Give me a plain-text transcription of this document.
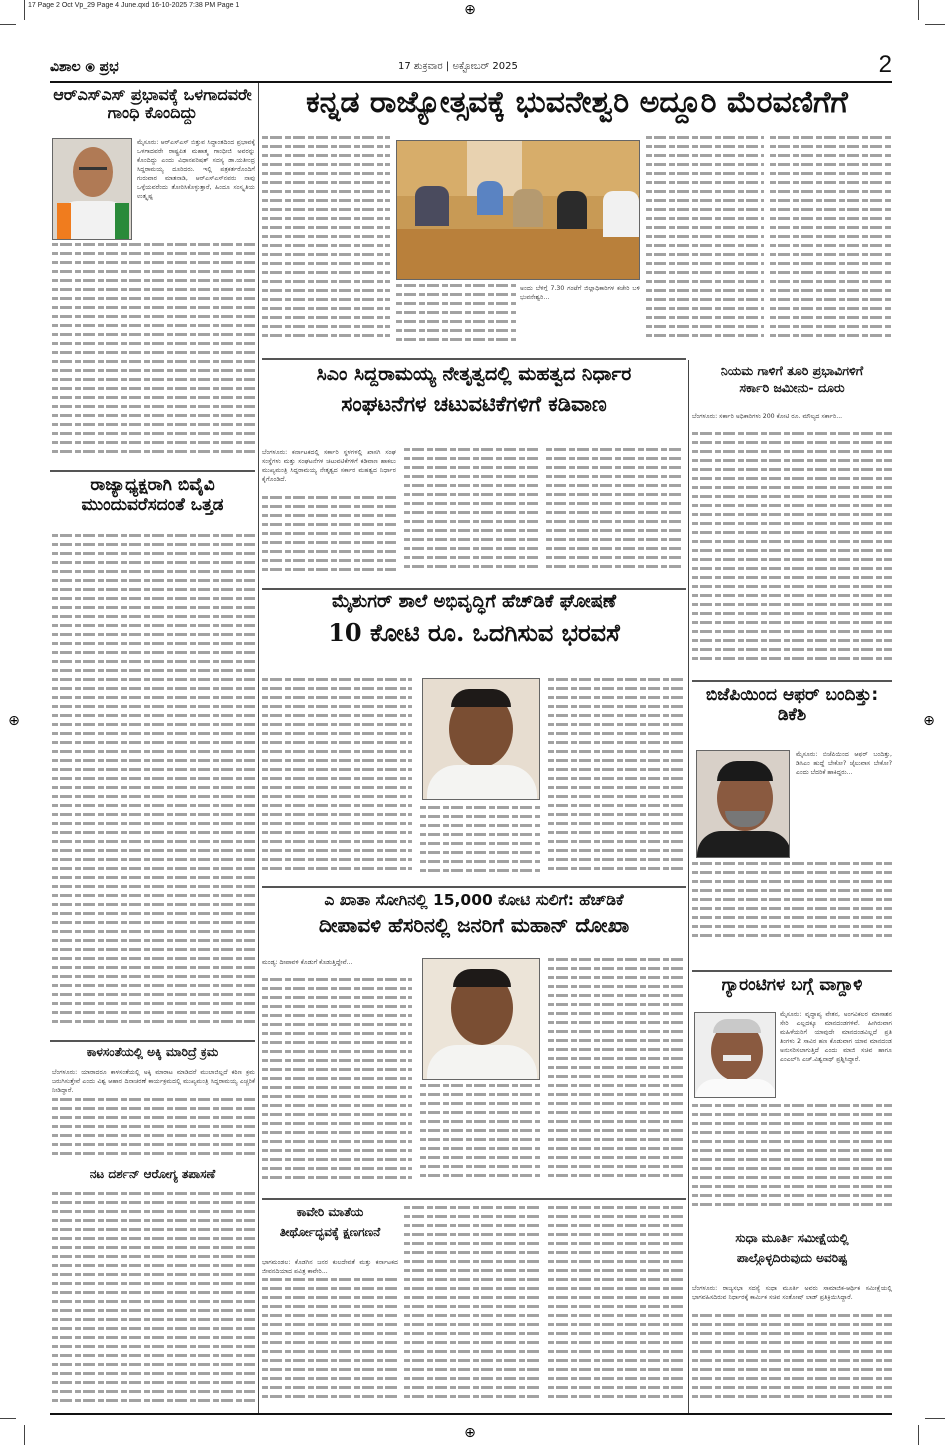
17 Page 2 Oct Vp_29 Page 4 June.qxd 16-10-2025 7:38 PM Page 1	⊕
⊕
⊕
⊕
ವಿಶಾಲ ⦿ ಪ್ರಭ	17 ಶುಕ್ರವಾರ | ಅಕ್ಟೋಬರ್ 2025	2
ಆರ್‌ಎಸ್‌ಎಸ್ ಪ್ರಭಾವಕ್ಕೆ ಒಳಗಾದವರೇ ಗಾಂಧಿ ಕೊಂದಿದ್ದು
ಮೈಸೂರು: ಆರ್‌ಎಸ್‌ಎಸ್ ಬಿತ್ತುವ ಸಿದ್ಧಾಂತದಿಂದ ಪ್ರಭಾವಕ್ಕೆ ಒಳಗಾದವರೇ ರಾಷ್ಟ್ರಪಿತ ಮಹಾತ್ಮ ಗಾಂಧೀಜಿ ಅವರನ್ನು ಕೊಂದಿದ್ದು ಎಂದು ವಿಧಾನಪರಿಷತ್ ಸದಸ್ಯ ಡಾ.ಯತೀಂದ್ರ ಸಿದ್ದರಾಮಯ್ಯ ದೂರಿದರು. ಇಲ್ಲಿ ಪತ್ರಕರ್ತರೊಂದಿಗೆ ಗುರುವಾರ ಮಾತನಾಡಿ, ಆರ್‌ಎಸ್‌ಎಸ್‌ನವರು ನಾವು ಒಳ್ಳೆಯವರೆಂದು ತೋರಿಸಿಕೊಳ್ಳುತ್ತಾರೆ, ಹಿಂದೂ ಸಂಸ್ಕೃತಿಯ ಉತ್ಕೃಷ್ಟ
ರಾಜ್ಯಾಧ್ಯಕ್ಷರಾಗಿ ಬಿವೈವಿ ಮುಂದುವರೆಸದಂತೆ ಒತ್ತಡ
ಕಾಳಸಂತೆಯಲ್ಲಿ ಅಕ್ಕಿ ಮಾರಿದ್ರೆ ಕ್ರಮ
ಬೆಂಗಳೂರು: ಯಾರಾದರೂ ಕಾಳಸಂತೆಯಲ್ಲಿ ಅಕ್ಕಿ ಮಾರಾಟ ಮಾಡಿದರೆ ಮುಲಾಜಿಲ್ಲದೆ ಕಠಿಣ ಕ್ರಮ ಜರುಗಿಸುತ್ತೇವೆ ಎಂದು ವಿಶ್ವ ಆಹಾರ ದಿನಾಚರಣೆ ಕಾರ್ಯಕ್ರಮದಲ್ಲಿ ಮುಖ್ಯಮಂತ್ರಿ ಸಿದ್ದರಾಮಯ್ಯ ಎಚ್ಚರಿಕೆ ನೀಡಿದ್ದಾರೆ.
ನಟ ದರ್ಶನ್ ಆರೋಗ್ಯ ತಪಾಸಣೆ
ಕನ್ನಡ ರಾಜ್ಯೋತ್ಸವಕ್ಕೆ ಭುವನೇಶ್ವರಿ ಅದ್ದೂರಿ ಮೆರವಣಿಗೆಗೆ
ಅಂದು ಬೆಳಿಗ್ಗೆ 7.30 ಗಂಟೆಗೆ ಜಿಲ್ಲಾಧಿಕಾರಿಗಳ ಕಚೇರಿ ಬಳಿ ಭುವನೇಶ್ವರಿ...
ಸಿಎಂ ಸಿದ್ದರಾಮಯ್ಯ ನೇತೃತ್ವದಲ್ಲಿ ಮಹತ್ವದ ನಿರ್ಧಾರ
ಸಂಘಟನೆಗಳ ಚಟುವಟಿಕೆಗಳಿಗೆ ಕಡಿವಾಣ
ಬೆಂಗಳೂರು: ಕರ್ನಾಟಕದಲ್ಲಿ ಸರ್ಕಾರಿ ಸ್ಥಳಗಳಲ್ಲಿ ಖಾಸಗಿ ಸಂಘ ಸಂಸ್ಥೆಗಳು ಮತ್ತು ಸಂಘಟನೆಗಳ ಚಟುವಟಿಕೆಗಳಿಗೆ ಕಡಿವಾಣ ಹಾಕಲು ಮುಖ್ಯಮಂತ್ರಿ ಸಿದ್ದರಾಮಯ್ಯ ನೇತೃತ್ವದ ಸರ್ಕಾರ ಮಹತ್ವದ ನಿರ್ಧಾರ ಕೈಗೊಂಡಿದೆ.
ನಿಯಮ ಗಾಳಿಗೆ ತೂರಿ ಪ್ರಭಾವಿಗಳಿಗೆ
ಸರ್ಕಾರಿ ಜಮೀನು- ದೂರು
ಬೆಂಗಳೂರು: ಸರ್ಕಾರಿ ಅಧಿಕಾರಿಗಳು 200 ಕೋಟಿ ರೂ. ಮೌಲ್ಯದ ಸರ್ಕಾರಿ...
ಮೈಶುಗರ್ ಶಾಲೆ ಅಭಿವೃದ್ಧಿಗೆ ಹೆಚ್‌ಡಿಕೆ ಘೋಷಣೆ
10 ಕೋಟಿ ರೂ. ಒದಗಿಸುವ ಭರವಸೆ
ಬಿಜೆಪಿಯಿಂದ ಆಫರ್ ಬಂದಿತ್ತು: ಡಿಕೆಶಿ
ಮೈಸೂರು: ಬಿಜೆಪಿಯಿಂದ ಆಫರ್ ಬಂದಿತ್ತು, ಡಿಸಿಎಂ ಹುದ್ದೆ ಬೇಕೋ? ಜೈಲುವಾಸ ಬೇಕೋ? ಎಂದು ಬೆದರಿಕೆ ಹಾಕಿದ್ದರು...
ಎ ಖಾತಾ ಸೋಗಿನಲ್ಲಿ 15,000 ಕೋಟಿ ಸುಲಿಗೆ: ಹೆಚ್‌ಡಿಕೆ
ದೀಪಾವಳಿ ಹೆಸರಿನಲ್ಲಿ ಜನರಿಗೆ ಮಹಾನ್ ದೋಖಾ
ಮಂಡ್ಯ: ದೀಪಾವಳಿ ಕೊಡುಗೆ ಕೊಡುತ್ತಿದ್ದೇವೆ...
ಗ್ಯಾರಂಟಿಗಳ ಬಗ್ಗೆ ವಾಗ್ದಾಳಿ
ಮೈಸೂರು: ವೃದ್ಧಾಪ್ಯ ವೇತನ, ಅಂಗವಿಕಲರ ಮಾಸಾಶನ ಸೇರಿ ಎಲ್ಲದಕ್ಕೂ ಮಾನದಂಡಗಳಿವೆ. ಹೀಗಿರುವಾಗ ಮಹಿಳೆಯರಿಗೆ ಯಾವುದೇ ಮಾನದಂಡವಿಲ್ಲದೆ ಪ್ರತಿ ತಿಂಗಳು 2 ಸಾವಿರ ಹಣ ಕೊಡುವಾಗ ಯಾವ ಮಾನದಂಡ ಅನುಸರಿಸಲಾಗುತ್ತಿದೆ ಎಂದು ಮಾಜಿ ಸಚಿವ ಹಾಗೂ ಎಂಎಲ್‌ಸಿ ಎಚ್.ವಿಶ್ವನಾಥ್ ಪ್ರಶ್ನಿಸಿದ್ದಾರೆ.
ಕಾವೇರಿ ಮಾತೆಯ
ತೀರ್ಥೋದ್ಭವಕ್ಕೆ ಕ್ಷಣಗಣನೆ
ಭಾಗಮಂಡಲ: ಕೊಡಗಿನ ಜನರ ಕುಲದೇವತೆ ಮತ್ತು ಕರ್ನಾಟಕದ ಜೀವನದಿಯಾದ ಪವಿತ್ರ ಕಾವೇರಿ...
ಸುಧಾ ಮೂರ್ತಿ ಸಮೀಕ್ಷೆಯಲ್ಲಿ
ಪಾಲ್ಗೊಳ್ಳದಿರುವುದು ಅವರಿಷ್ಟ
ಬೆಂಗಳೂರು: ರಾಜ್ಯಸಭಾ ಸದಸ್ಯೆ ಸುಧಾ ಮೂರ್ತಿ ಅವರು ಸಾಮಾಜಿಕ-ಆರ್ಥಿಕ ಸಮೀಕ್ಷೆಯಲ್ಲಿ ಭಾಗವಹಿಸದಿರುವ ನಿರ್ಧಾರಕ್ಕೆ ಕಾರ್ಮಿಕ ಸಚಿವ ಸಂತೋಷ್ ಲಾಡ್ ಪ್ರತಿಕ್ರಿಯಿಸಿದ್ದಾರೆ.
